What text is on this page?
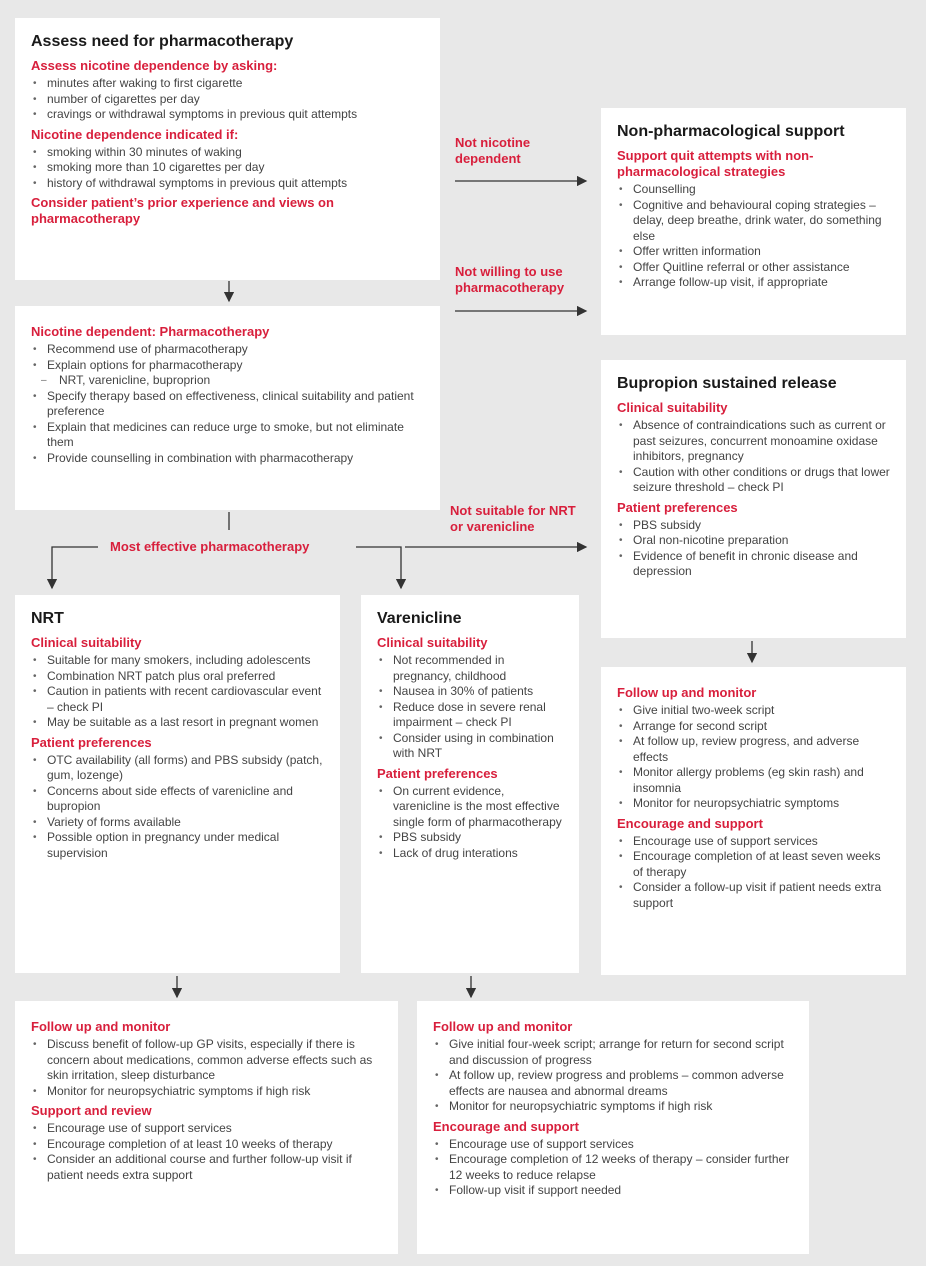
Assess need for pharmacotherapy
Assess nicotine dependence by asking:
• minutes after waking to first cigarette
• number of cigarettes per day
• cravings or withdrawal symptoms in previous quit attempts
Nicotine dependence indicated if:
• smoking within 30 minutes of waking
• smoking more than 10 cigarettes per day
• history of withdrawal symptoms in previous quit attempts
Consider patient’s prior experience and views on pharmacotherapy
Not nicotine dependent
Not willing to use pharmacotherapy
Not suitable for NRT or varenicline
Most effective pharmacotherapy
Non-pharmacological support
Support quit attempts with non-pharmacological strategies
• Counselling
• Cognitive and behavioural coping strategies – delay, deep breathe, drink water, do something else
• Offer written information
• Offer Quitline referral or other assistance
• Arrange follow-up visit, if appropriate
Nicotine dependent: Pharmacotherapy
• Recommend use of pharmacotherapy
• Explain options for pharmacotherapy
– NRT, varenicline, buproprion
• Specify therapy based on effectiveness, clinical suitability and patient preference
• Explain that medicines can reduce urge to smoke, but not eliminate them
• Provide counselling in combination with pharmacotherapy
Bupropion sustained release
Clinical suitability
• Absence of contraindications such as current or past seizures, concurrent monoamine oxidase inhibitors, pregnancy
• Caution with other conditions or drugs that lower seizure threshold – check PI
Patient preferences
• PBS subsidy
• Oral non-nicotine preparation
• Evidence of benefit in chronic disease and depression
Follow up and monitor
• Give initial two-week script
• Arrange for second script
• At follow up, review progress, and adverse effects
• Monitor allergy problems (eg skin rash) and insomnia
• Monitor for neuropsychiatric symptoms
Encourage and support
• Encourage use of support services
• Encourage completion of at least seven weeks of therapy
• Consider a follow-up visit if patient needs extra support
NRT
Clinical suitability
• Suitable for many smokers, including adolescents
• Combination NRT patch plus oral preferred
• Caution in patients with recent cardiovascular event – check PI
• May be suitable as a last resort in pregnant women
Patient preferences
• OTC availability (all forms) and PBS subsidy (patch, gum, lozenge)
• Concerns about side effects of varenicline and bupropion
• Variety of forms available
• Possible option in pregnancy under medical supervision
Varenicline
Clinical suitability
• Not recommended in pregnancy, childhood
• Nausea in 30% of patients
• Reduce dose in severe renal impairment – check PI
• Consider using in combination with NRT
Patient preferences
• On current evidence, varenicline is the most effective single form of pharmacotherapy
• PBS subsidy
• Lack of drug interations
Follow up and monitor
• Discuss benefit of follow-up GP visits, especially if there is concern about medications, common adverse effects such as skin irritation, sleep disturbance
• Monitor for neuropsychiatric symptoms if high risk
Support and review
• Encourage use of support services
• Encourage completion of at least 10 weeks of therapy
• Consider an additional course and further follow-up visit if patient needs extra support
Follow up and monitor
• Give initial four-week script; arrange for return for second script and discussion of progress
• At follow up, review progress and problems – common adverse effects are nausea and abnormal dreams
• Monitor for neuropsychiatric symptoms if high risk
Encourage and support
• Encourage use of support services
• Encourage completion of 12 weeks of therapy – consider further 12 weeks to reduce relapse
• Follow-up visit if support needed
